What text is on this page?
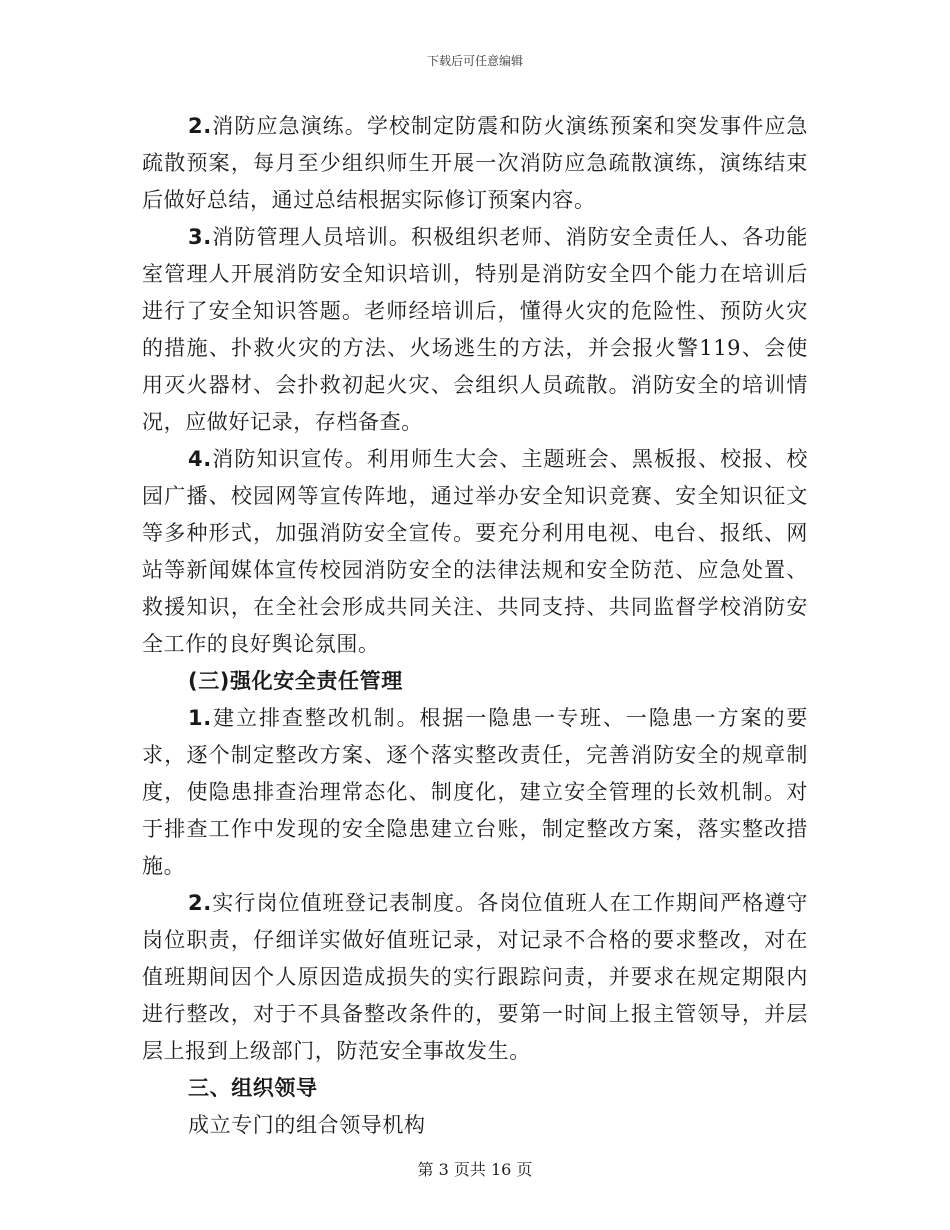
下载后可任意编辑

2.消防应急演练。学校制定防震和防火演练预案和突发事件应急疏散预案，每月至少组织师生开展一次消防应急疏散演练，演练结束后做好总结，通过总结根据实际修订预案内容。

3.消防管理人员培训。积极组织老师、消防安全责任人、各功能室管理人开展消防安全知识培训，特别是消防安全四个能力在培训后进行了安全知识答题。老师经培训后，懂得火灾的危险性、预防火灾的措施、扑救火灾的方法、火场逃生的方法，并会报火警119、会使用灭火器材、会扑救初起火灾、会组织人员疏散。消防安全的培训情况，应做好记录，存档备查。

4.消防知识宣传。利用师生大会、主题班会、黑板报、校报、校园广播、校园网等宣传阵地，通过举办安全知识竞赛、安全知识征文等多种形式，加强消防安全宣传。要充分利用电视、电台、报纸、网站等新闻媒体宣传校园消防安全的法律法规和安全防范、应急处置、救援知识，在全社会形成共同关注、共同支持、共同监督学校消防安全工作的良好舆论氛围。

(三)强化安全责任管理

1.建立排查整改机制。根据一隐患一专班、一隐患一方案的要求，逐个制定整改方案、逐个落实整改责任，完善消防安全的规章制度，使隐患排查治理常态化、制度化，建立安全管理的长效机制。对于排查工作中发现的安全隐患建立台账，制定整改方案，落实整改措施。

2.实行岗位值班登记表制度。各岗位值班人在工作期间严格遵守岗位职责，仔细详实做好值班记录，对记录不合格的要求整改，对在值班期间因个人原因造成损失的实行跟踪问责，并要求在规定期限内进行整改，对于不具备整改条件的，要第一时间上报主管领导，并层层上报到上级部门，防范安全事故发生。

三、组织领导

成立专门的组合领导机构

第 3 页共 16 页
